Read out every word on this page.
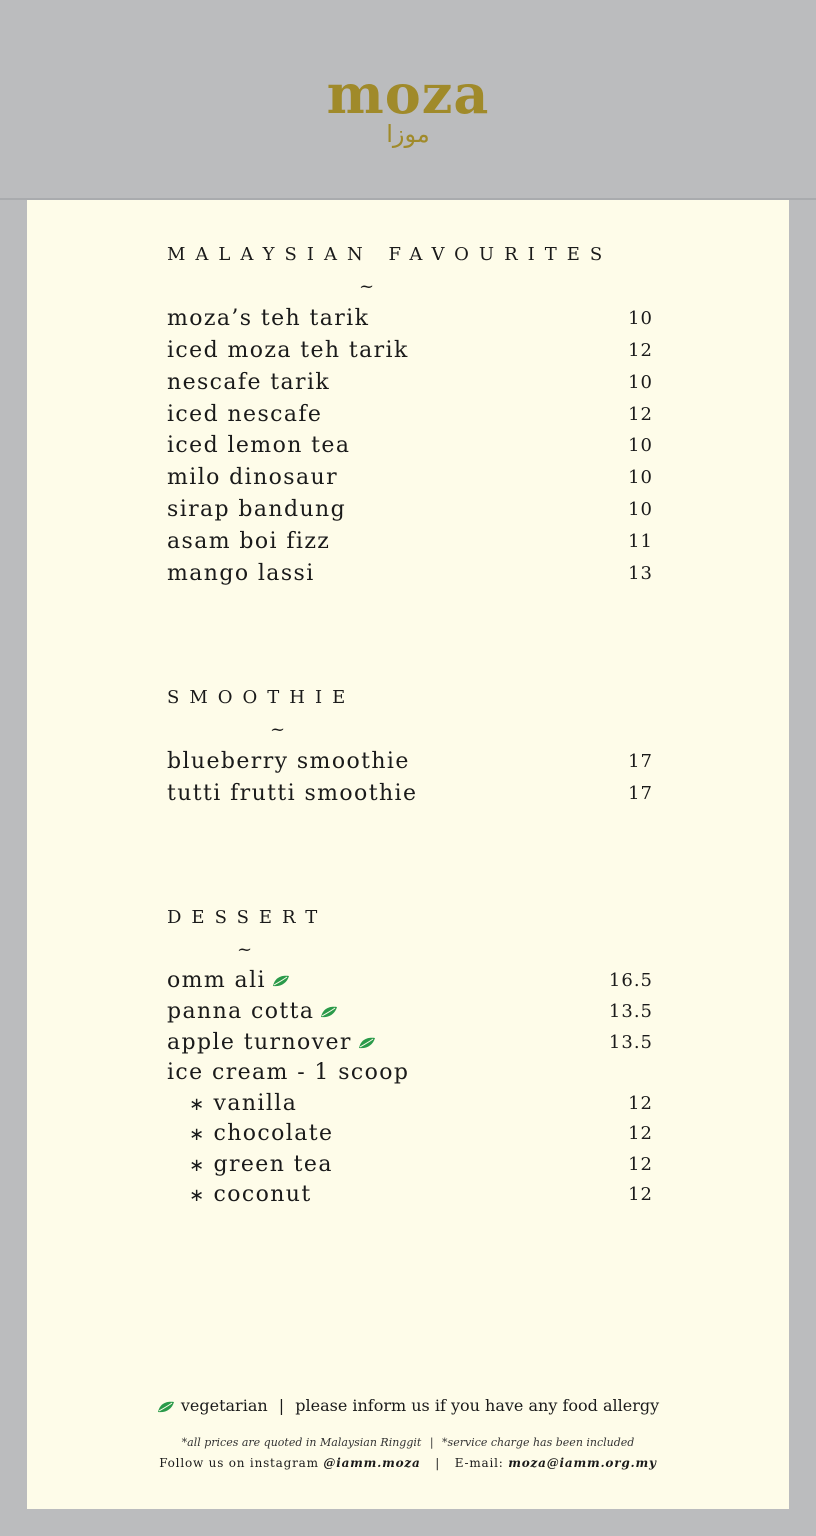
moza
موزا
MALAYSIAN FAVOURITES
~
moza’s teh tarik	10
iced moza teh tarik	12
nescafe tarik	10
iced nescafe	12
iced lemon tea	10
milo dinosaur	10
sirap bandung	10
asam boi fizz	11
mango lassi	13
SMOOTHIE
~
blueberry smoothie	17
tutti frutti smoothie	17
DESSERT
~
omm ali	16.5
panna cotta	13.5
apple turnover	13.5
ice cream - 1 scoop
∗ vanilla	12
∗ chocolate	12
∗ green tea	12
∗ coconut	12
vegetarian | please inform us if you have any food allergy
*all prices are quoted in Malaysian Ringgit | *service charge has been included
Follow us on instagram @iamm.moza | E-mail: moza@iamm.org.my
